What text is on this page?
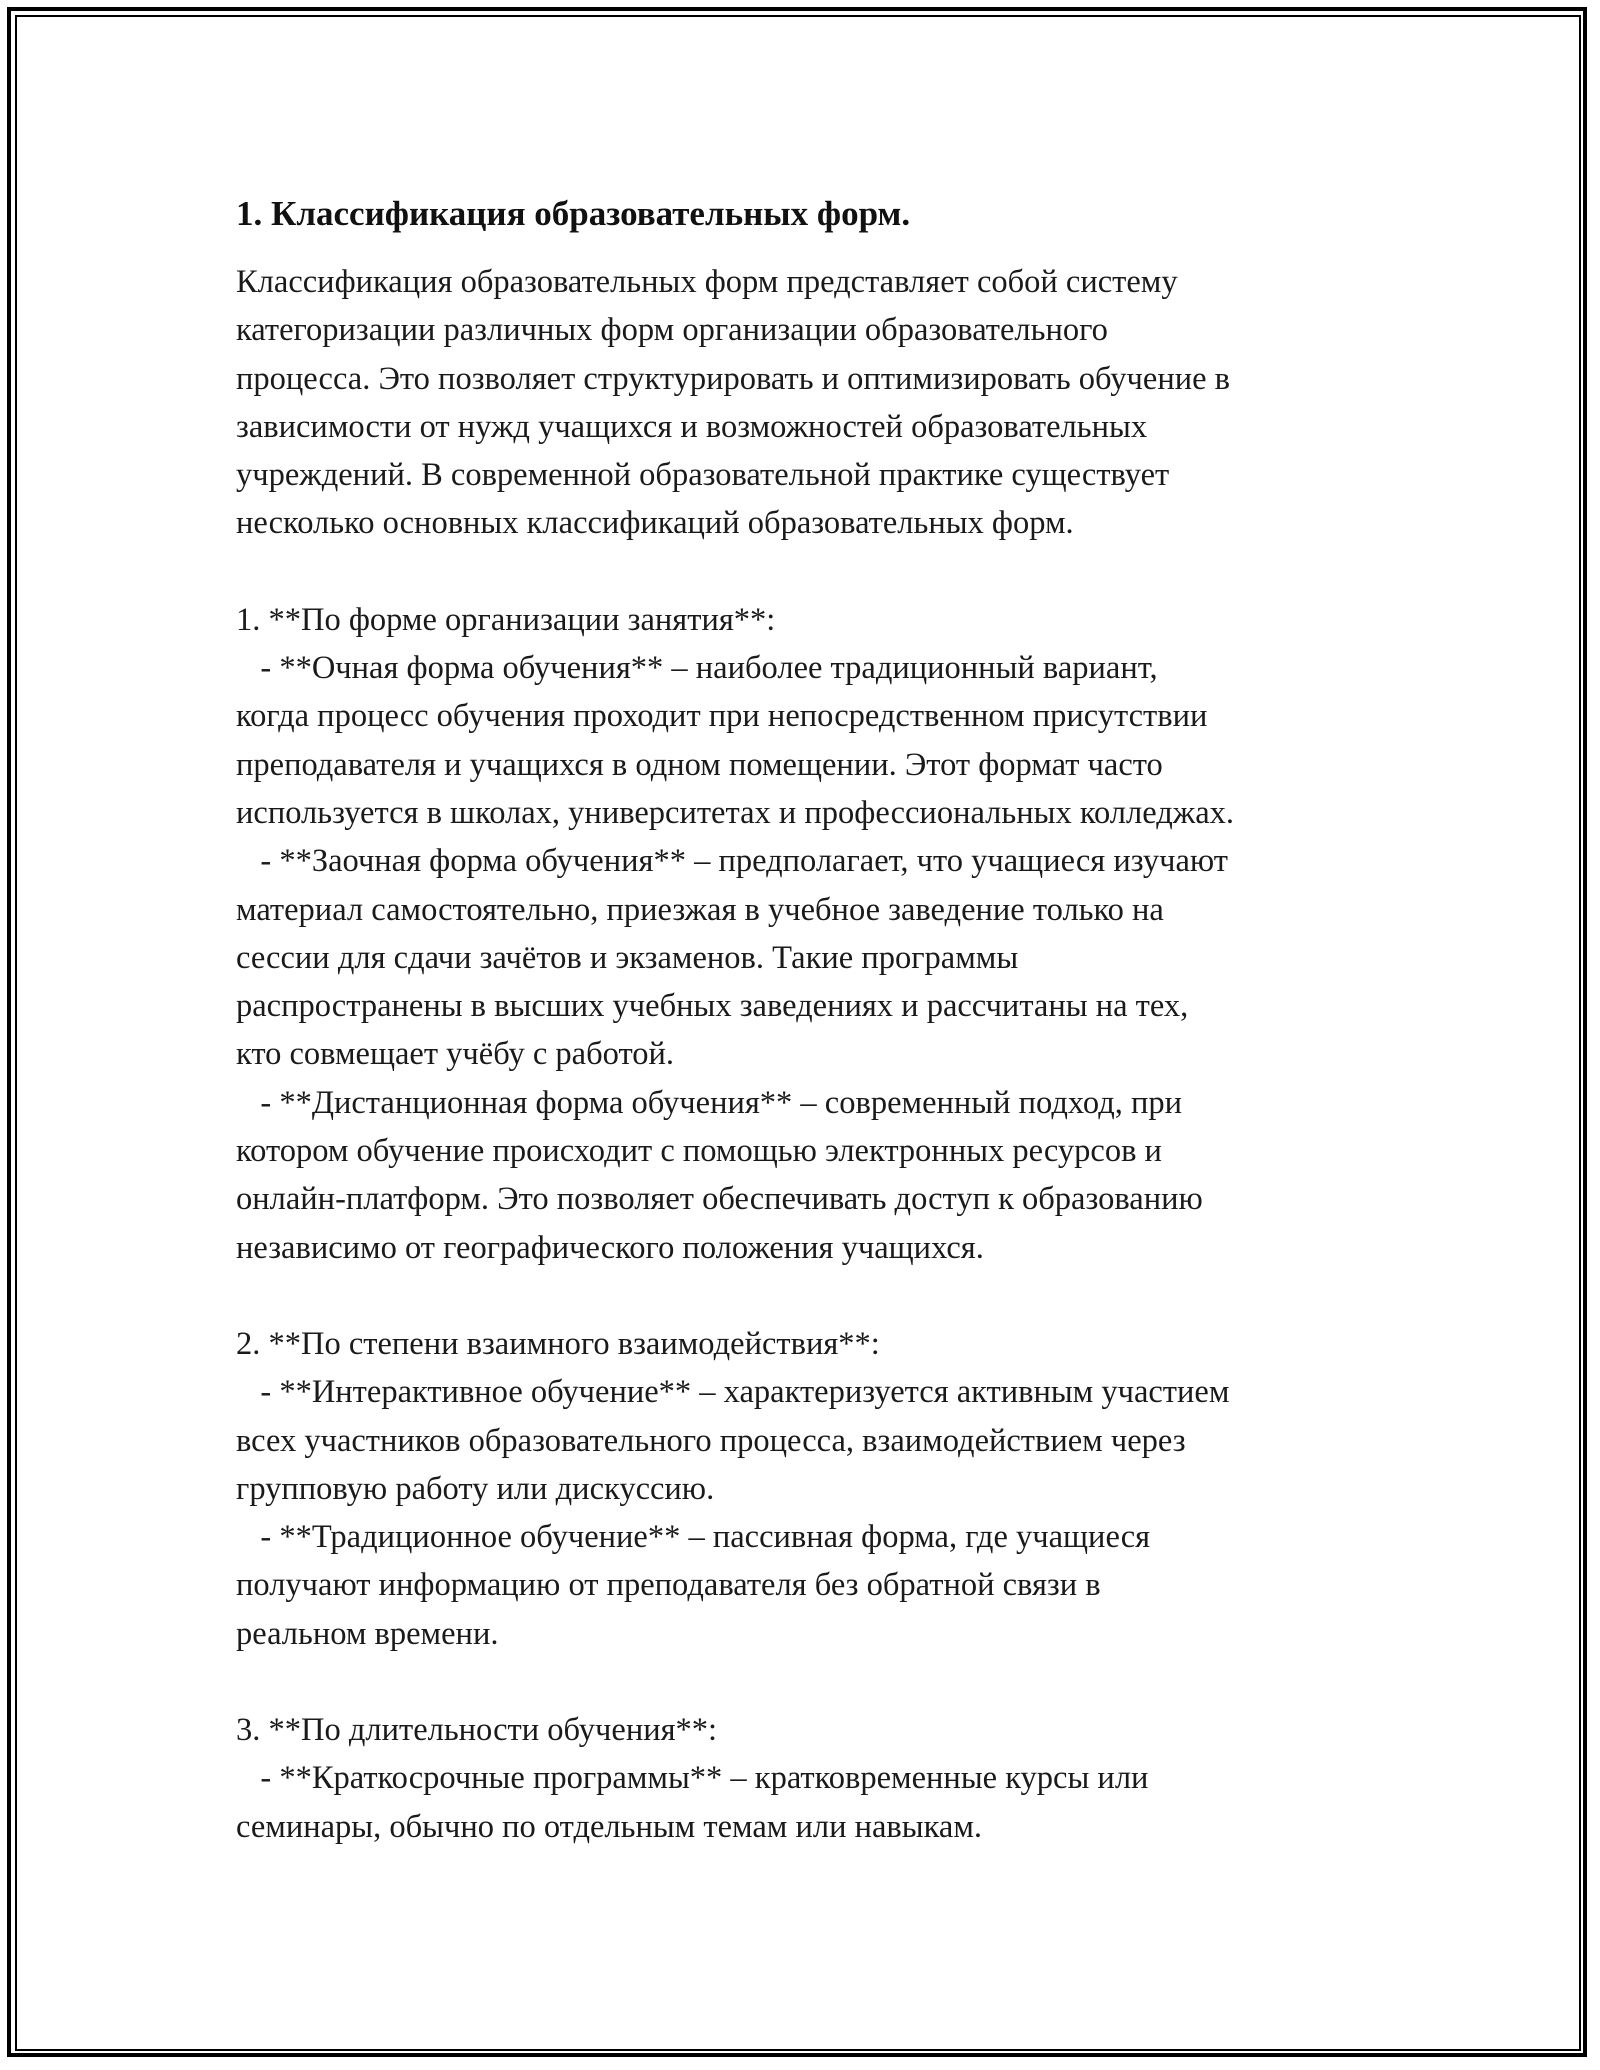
1. Классификация образовательных форм.

Классификация образовательных форм представляет собой систему
категоризации различных форм организации образовательного
процесса. Это позволяет структурировать и оптимизировать обучение в
зависимости от нужд учащихся и возможностей образовательных
учреждений. В современной образовательной практике существует
несколько основных классификаций образовательных форм.

1. **По форме организации занятия**:

- **Очная форма обучения** – наиболее традиционный вариант,
когда процесс обучения проходит при непосредственном присутствии
преподавателя и учащихся в одном помещении. Этот формат часто
используется в школах, университетах и профессиональных колледжах.

- **Заочная форма обучения** – предполагает, что учащиеся изучают
материал самостоятельно, приезжая в учебное заведение только на
сессии для сдачи зачётов и экзаменов. Такие программы
распространены в высших учебных заведениях и рассчитаны на тех,
кто совмещает учёбу с работой.

- **Дистанционная форма обучения** – современный подход, при
котором обучение происходит с помощью электронных ресурсов и
онлайн-платформ. Это позволяет обеспечивать доступ к образованию
независимо от географического положения учащихся.

2. **По степени взаимного взаимодействия**:

- **Интерактивное обучение** – характеризуется активным участием
всех участников образовательного процесса, взаимодействием через
групповую работу или дискуссию.

- **Традиционное обучение** – пассивная форма, где учащиеся
получают информацию от преподавателя без обратной связи в
реальном времени.

3. **По длительности обучения**:

- **Краткосрочные программы** – кратковременные курсы или
семинары, обычно по отдельным темам или навыкам.
